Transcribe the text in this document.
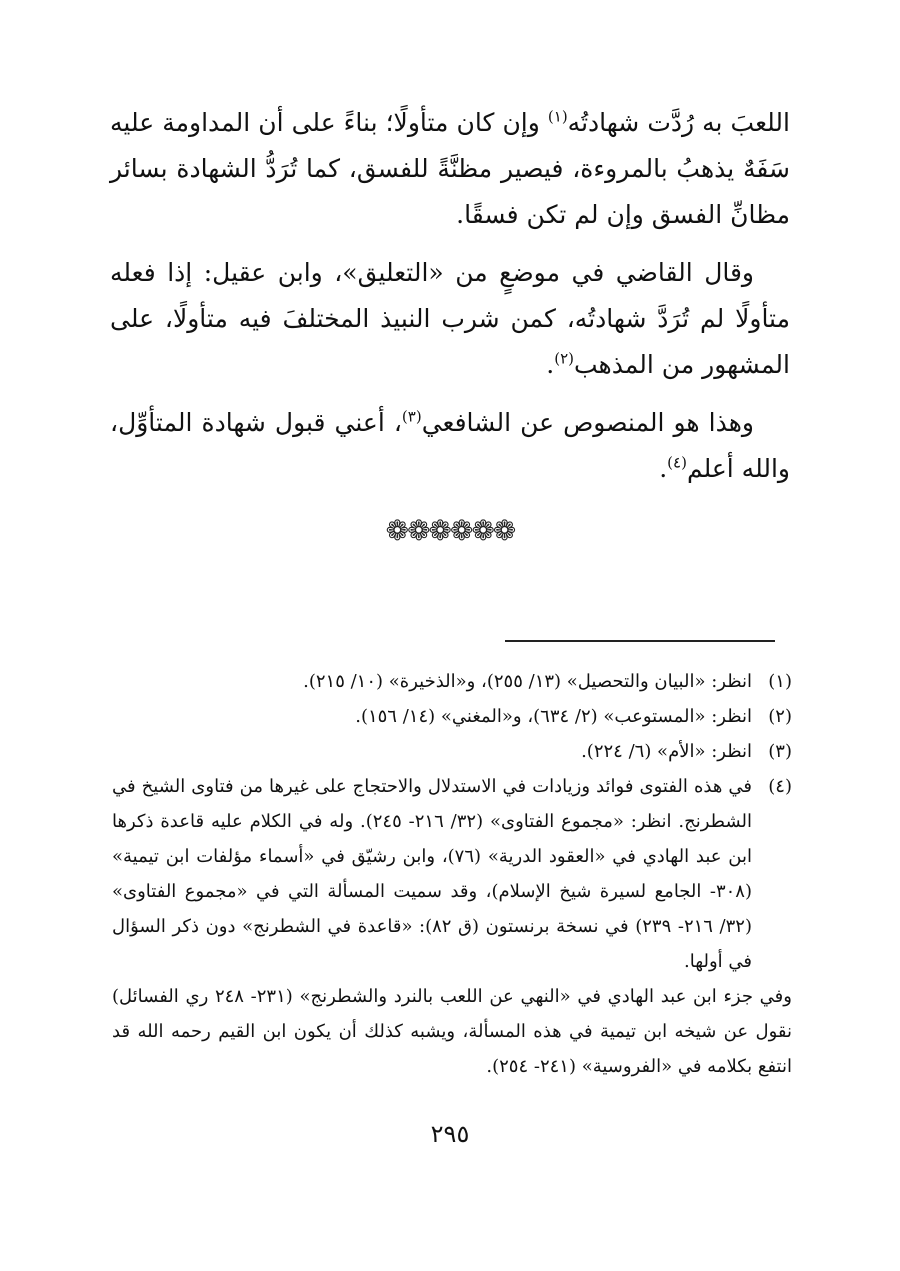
اللعبَ به رُدَّت شهادتُه$^{(١)}$ وإن كان متأولًا؛ بناءً على أن المداومة عليه سَفَهٌ يذهبُ بالمروءة، فيصير مظنَّةً للفسق، كما تُرَدُّ الشهادة بسائر مظانِّ الفسق وإن لم تكن فسقًا.

وقال القاضي في موضعٍ من «التعليق»، وابن عقيل: إذا فعله متأولًا لم تُرَدَّ شهادتُه، كمن شرب النبيذ المختلفَ فيه متأولًا، على المشهور من المذهب$^{(٢)}$.

وهذا هو المنصوص عن الشافعي$^{(٣)}$، أعني قبول شهادة المتأوِّل، والله أعلم$^{(٤)}$.

❁❁❁❁❁❁
(١)
انظر: «البيان والتحصيل» (١٣/ ٢٥٥)، و«الذخيرة» (١٠/ ٢١٥).
(٢)
انظر: «المستوعب» (٢/ ٦٣٤)، و«المغني» (١٤/ ١٥٦).
(٣)
انظر: «الأم» (٦/ ٢٢٤).
(٤)
في هذه الفتوى فوائد وزيادات في الاستدلال والاحتجاج على غيرها من فتاوى الشيخ في الشطرنج. انظر: «مجموع الفتاوى» (٣٢/ ٢١٦- ٢٤٥). وله في الكلام عليه قاعدة ذكرها ابن عبد الهادي في «العقود الدرية» (٧٦)، وابن رشيّق في «أسماء مؤلفات ابن تيمية» (٣٠٨- الجامع لسيرة شيخ الإسلام)، وقد سميت المسألة التي في «مجموع الفتاوى» (٣٢/ ٢١٦- ٢٣٩) في نسخة برنستون (ق ٨٢): «قاعدة في الشطرنج» دون ذكر السؤال في أولها.

وفي جزء ابن عبد الهادي في «النهي عن اللعب بالنرد والشطرنج» (٢٣١- ٢٤٨ ري الفسائل) نقول عن شيخه ابن تيمية في هذه المسألة، ويشبه كذلك أن يكون ابن القيم رحمه الله قد انتفع بكلامه في «الفروسية» (٢٤١- ٢٥٤).

٢٩٥
